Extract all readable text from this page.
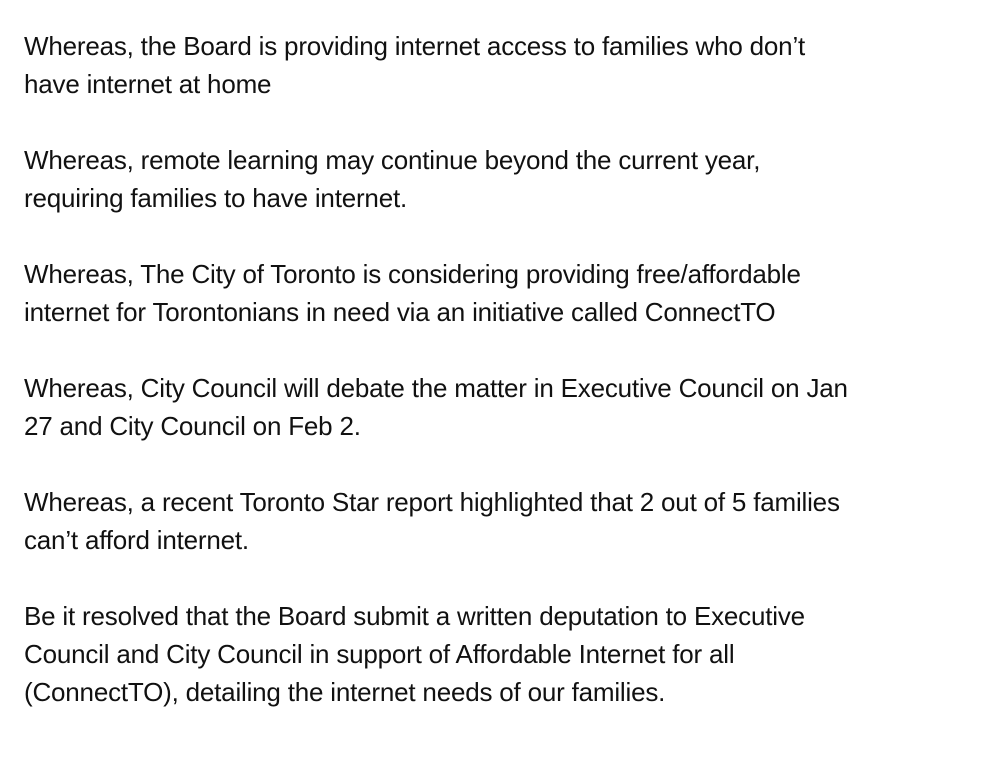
Whereas, the Board is providing internet access to families who don’t
have internet at home

Whereas, remote learning may continue beyond the current year,
requiring families to have internet.

Whereas, The City of Toronto is considering providing free/affordable
internet for Torontonians in need via an initiative called ConnectTO

Whereas, City Council will debate the matter in Executive Council on Jan
27 and City Council on Feb 2.

Whereas, a recent Toronto Star report highlighted that 2 out of 5 families
can’t afford internet.

Be it resolved that the Board submit a written deputation to Executive
Council and City Council in support of Affordable Internet for all
(ConnectTO), detailing the internet needs of our families.
